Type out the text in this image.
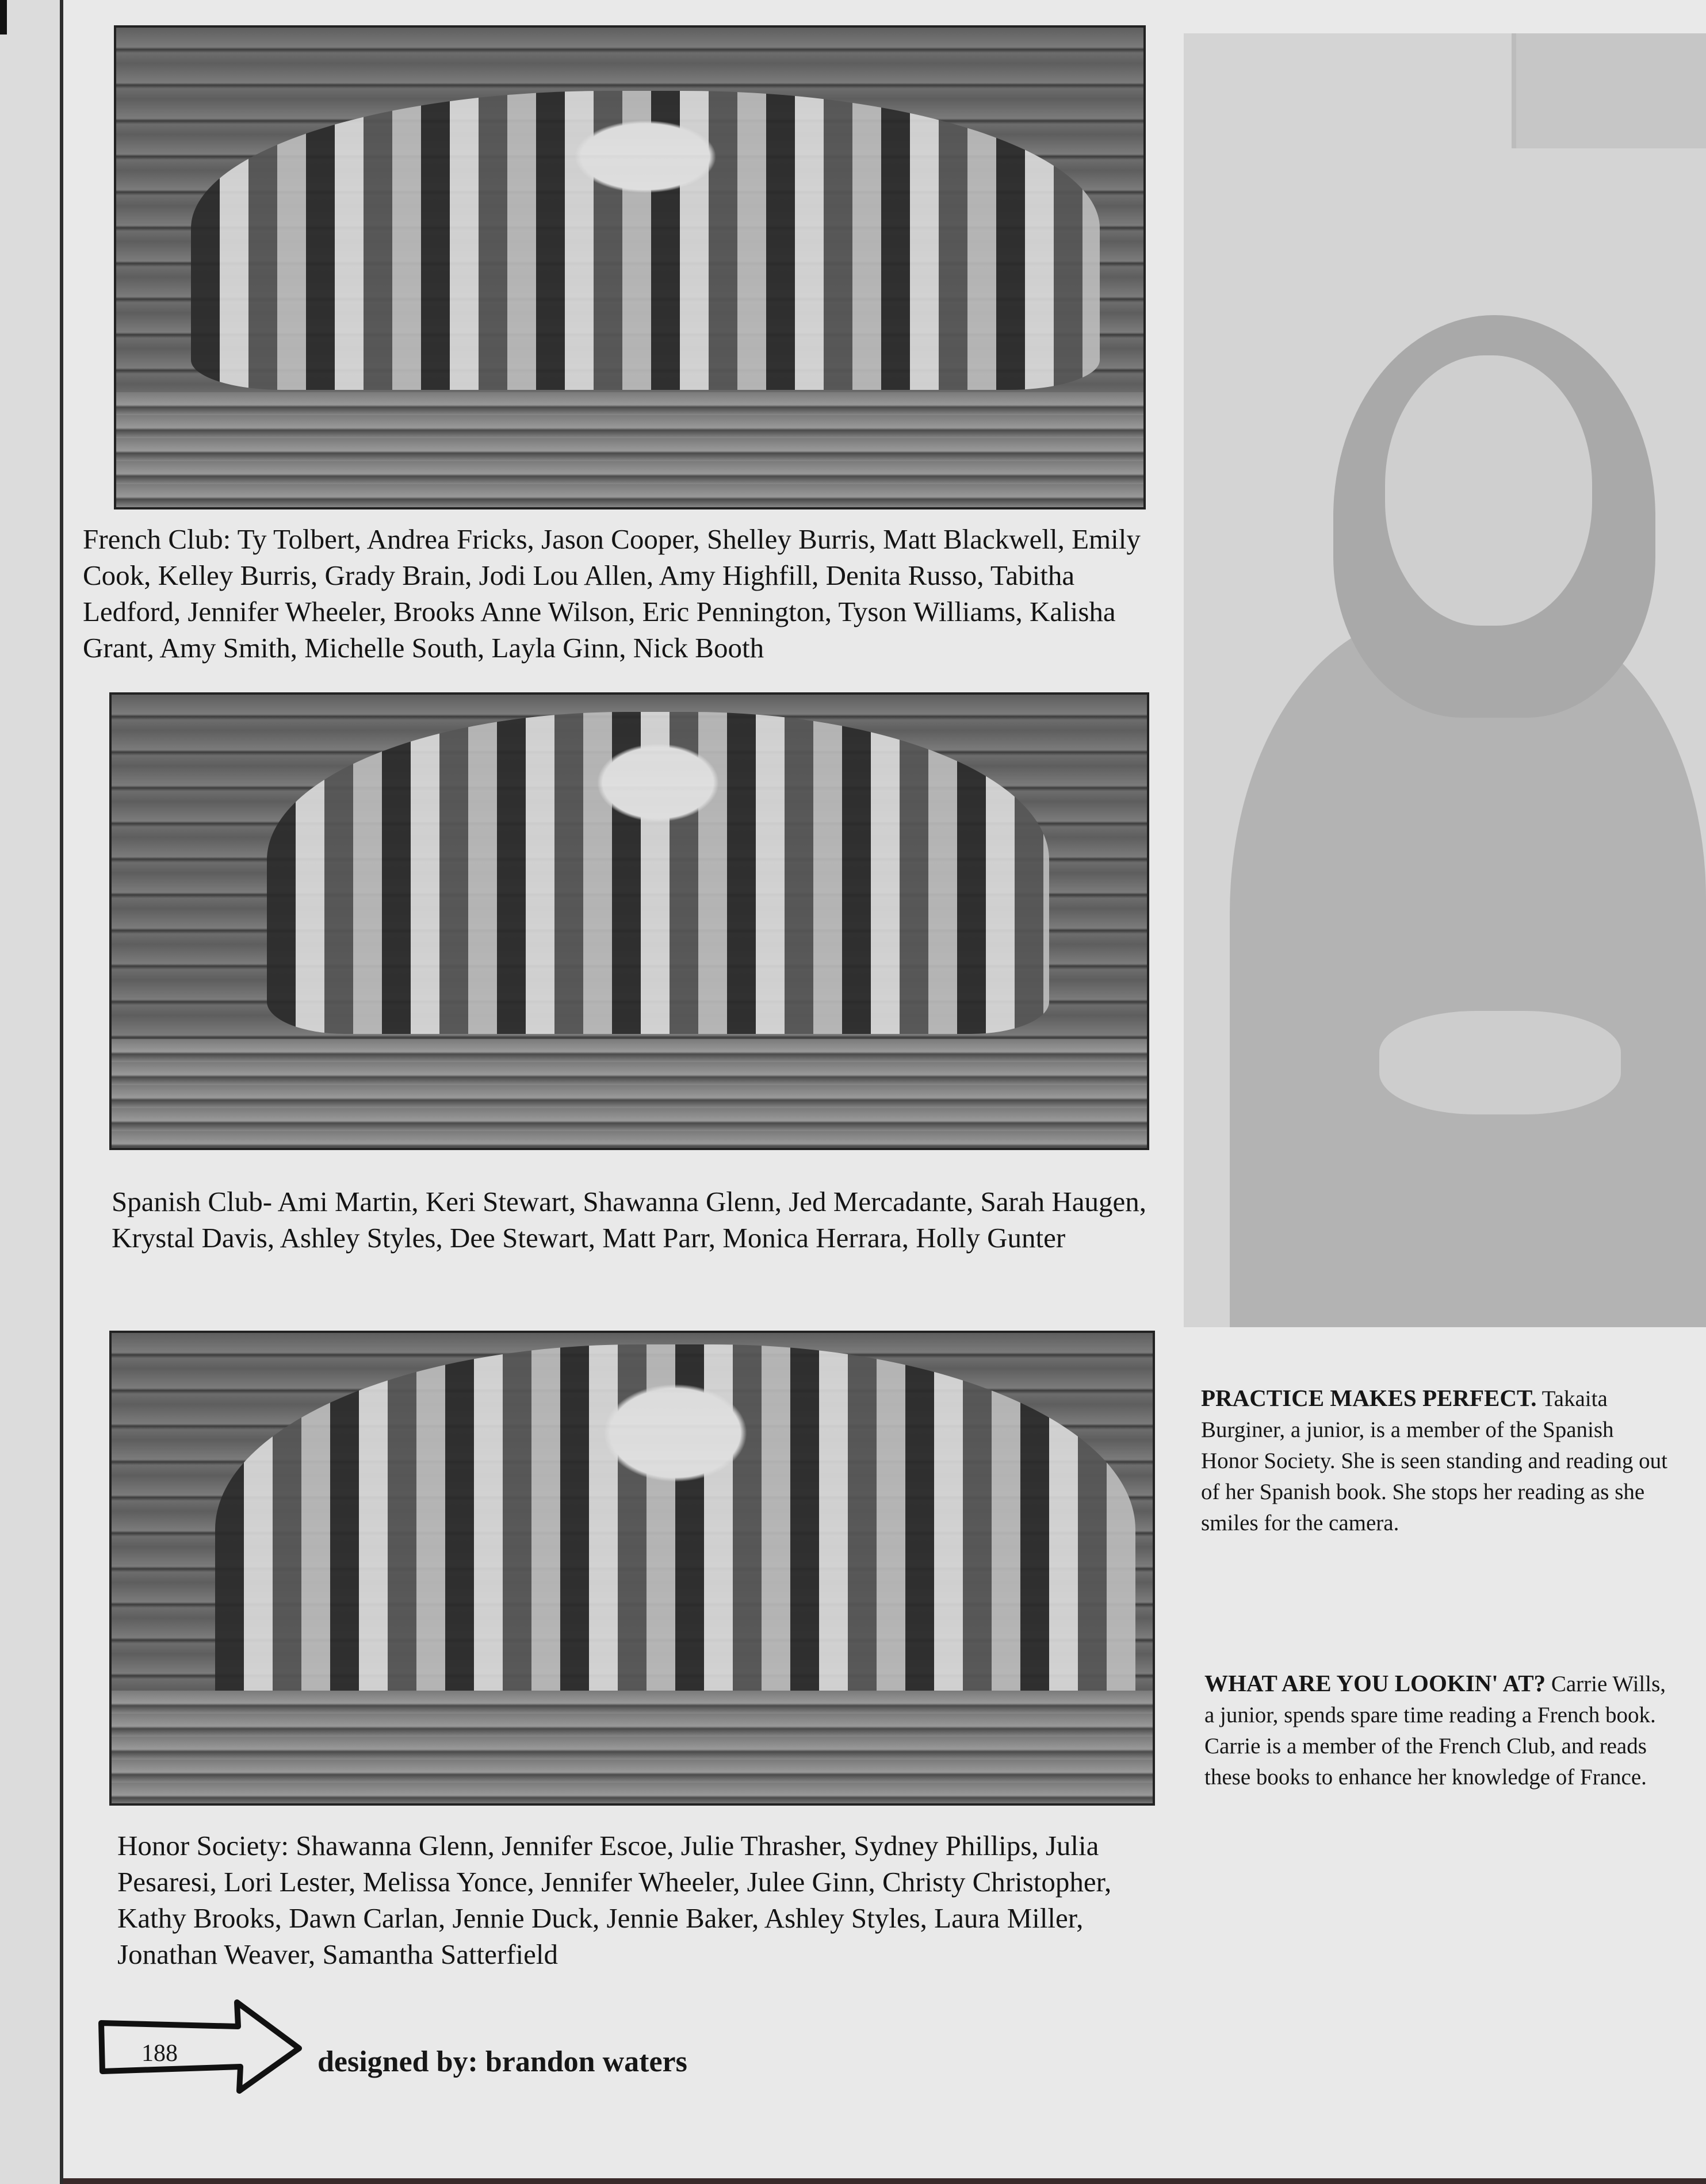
French Club: Ty Tolbert, Andrea Fricks, Jason Cooper, Shelley Burris, Matt Blackwell, Emily Cook, Kelley Burris, Grady Brain, Jodi Lou Allen, Amy Highfill, Denita Russo, Tabitha Ledford, Jennifer Wheeler, Brooks Anne Wilson, Eric Pennington, Tyson Williams, Kalisha Grant, Amy Smith, Michelle South, Layla Ginn, Nick Booth

Spanish Club- Ami Martin, Keri Stewart, Shawanna Glenn, Jed Mercadante, Sarah Haugen, Krystal Davis, Ashley Styles, Dee Stewart, Matt Parr, Monica Herrara, Holly Gunter

Honor Society: Shawanna Glenn, Jennifer Escoe, Julie Thrasher, Sydney Phillips, Julia Pesaresi, Lori Lester, Melissa Yonce, Jennifer Wheeler, Julee Ginn, Christy Christopher, Kathy Brooks, Dawn Carlan, Jennie Duck, Jennie Baker, Ashley Styles, Laura Miller, Jonathan Weaver, Samantha Satterfield

PRACTICE MAKES PERFECT. Takaita Burginer, a junior, is a member of the Spanish Honor Society. She is seen standing and reading out of her Spanish book. She stops her reading as she smiles for the camera.

WHAT ARE YOU LOOKIN' AT? Carrie Wills, a junior, spends spare time reading a French book. Carrie is a member of the French Club, and reads these books to enhance her knowledge of France.

188	designed by: brandon waters
